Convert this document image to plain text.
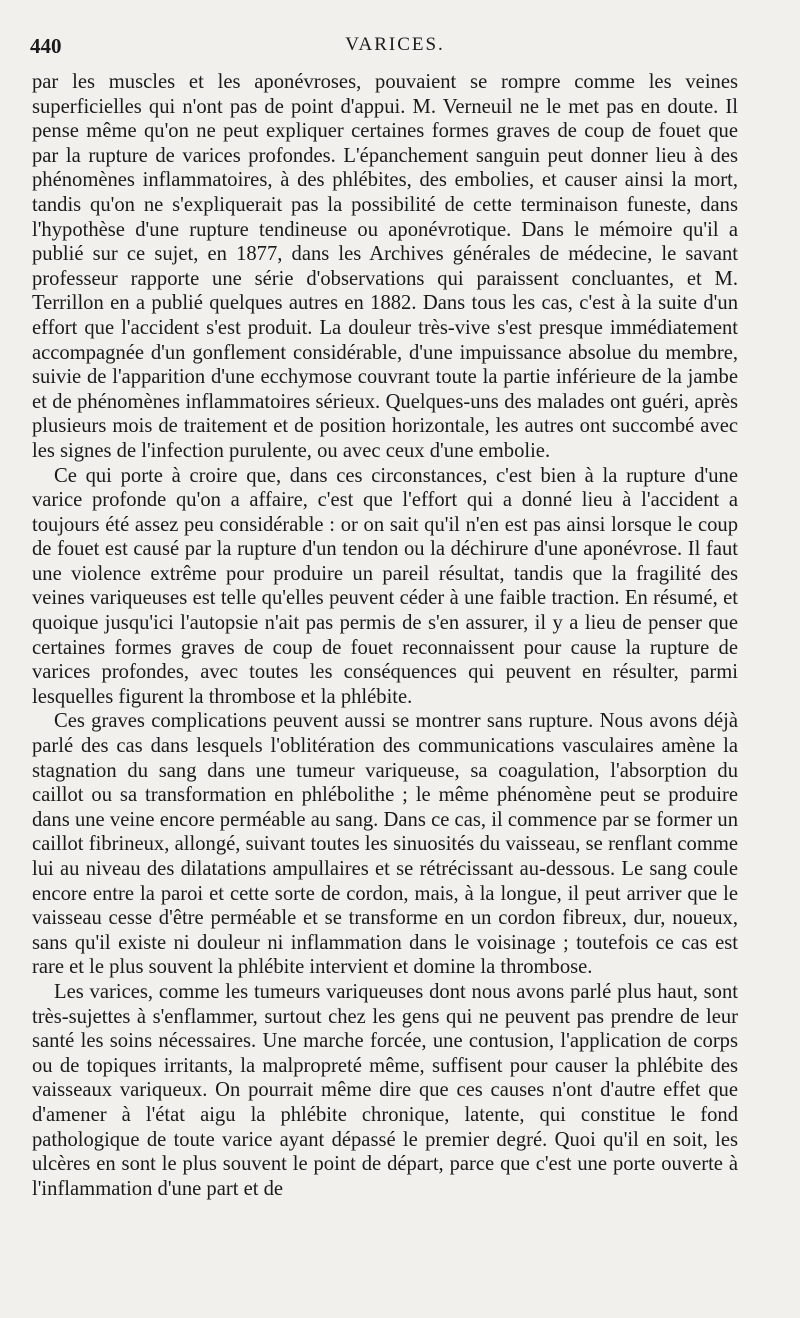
440	VARICES.

par les muscles et les aponévroses, pouvaient se rompre comme les veines superficielles qui n'ont pas de point d'appui. M. Verneuil ne le met pas en doute. Il pense même qu'on ne peut expliquer certaines formes graves de coup de fouet que par la rupture de varices profondes. L'épanchement sanguin peut donner lieu à des phénomènes inflammatoires, à des phlébites, des embolies, et causer ainsi la mort, tandis qu'on ne s'expliquerait pas la possibilité de cette terminaison funeste, dans l'hypothèse d'une rupture tendineuse ou aponévrotique. Dans le mémoire qu'il a publié sur ce sujet, en 1877, dans les Archives générales de médecine, le savant professeur rapporte une série d'observations qui paraissent concluantes, et M. Terrillon en a publié quelques autres en 1882. Dans tous les cas, c'est à la suite d'un effort que l'accident s'est produit. La douleur très-vive s'est presque immédiatement accompagnée d'un gonflement considérable, d'une impuissance absolue du membre, suivie de l'apparition d'une ecchymose couvrant toute la partie inférieure de la jambe et de phénomènes inflammatoires sérieux. Quelques-uns des malades ont guéri, après plusieurs mois de traitement et de position horizontale, les autres ont succombé avec les signes de l'infection purulente, ou avec ceux d'une embolie.

Ce qui porte à croire que, dans ces circonstances, c'est bien à la rupture d'une varice profonde qu'on a affaire, c'est que l'effort qui a donné lieu à l'accident a toujours été assez peu considérable : or on sait qu'il n'en est pas ainsi lorsque le coup de fouet est causé par la rupture d'un tendon ou la déchirure d'une aponévrose. Il faut une violence extrême pour produire un pareil résultat, tandis que la fragilité des veines variqueuses est telle qu'elles peuvent céder à une faible traction. En résumé, et quoique jusqu'ici l'autopsie n'ait pas permis de s'en assurer, il y a lieu de penser que certaines formes graves de coup de fouet reconnaissent pour cause la rupture de varices profondes, avec toutes les conséquences qui peuvent en résulter, parmi lesquelles figurent la thrombose et la phlébite.

Ces graves complications peuvent aussi se montrer sans rupture. Nous avons déjà parlé des cas dans lesquels l'oblitération des communications vasculaires amène la stagnation du sang dans une tumeur variqueuse, sa coagulation, l'absorption du caillot ou sa transformation en phlébolithe ; le même phénomène peut se produire dans une veine encore perméable au sang. Dans ce cas, il commence par se former un caillot fibrineux, allongé, suivant toutes les sinuosités du vaisseau, se renflant comme lui au niveau des dilatations ampullaires et se rétrécissant au-dessous. Le sang coule encore entre la paroi et cette sorte de cordon, mais, à la longue, il peut arriver que le vaisseau cesse d'être perméable et se transforme en un cordon fibreux, dur, noueux, sans qu'il existe ni douleur ni inflammation dans le voisinage ; toutefois ce cas est rare et le plus souvent la phlébite intervient et domine la thrombose.

Les varices, comme les tumeurs variqueuses dont nous avons parlé plus haut, sont très-sujettes à s'enflammer, surtout chez les gens qui ne peuvent pas prendre de leur santé les soins nécessaires. Une marche forcée, une contusion, l'application de corps ou de topiques irritants, la malpropreté même, suffisent pour causer la phlébite des vaisseaux variqueux. On pourrait même dire que ces causes n'ont d'autre effet que d'amener à l'état aigu la phlébite chronique, latente, qui constitue le fond pathologique de toute varice ayant dépassé le premier degré. Quoi qu'il en soit, les ulcères en sont le plus souvent le point de départ, parce que c'est une porte ouverte à l'inflammation d'une part et de
